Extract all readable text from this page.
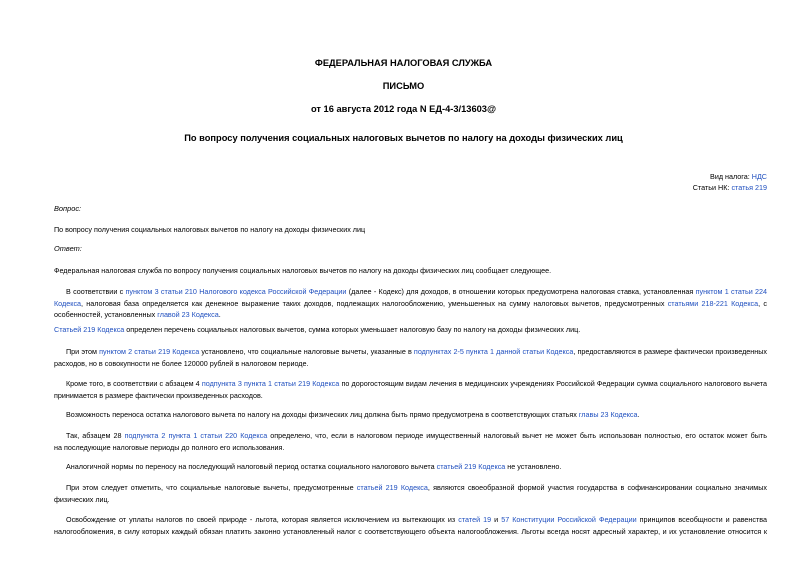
ФЕДЕРАЛЬНАЯ НАЛОГОВАЯ СЛУЖБА
ПИСЬМО
от 16 августа 2012 года N ЕД-4-3/13603@
По вопросу получения социальных налоговых вычетов по налогу на доходы физических лиц
Вид налога: НДС
Статьи НК: статья 219
Вопрос:
По вопросу получения социальных налоговых вычетов по налогу на доходы физических лиц
Ответ:
Федеральная налоговая служба по вопросу получения социальных налоговых вычетов по налогу на доходы физических лиц сообщает следующее.
В соответствии с пунктом 3 статьи 210 Налогового кодекса Российской Федерации (далее - Кодекс) для доходов, в отношении которых предусмотрена налоговая ставка, установленная пунктом 1 статьи 224
Кодекса, налоговая база определяется как денежное выражение таких доходов, подлежащих налогообложению, уменьшенных на сумму налоговых вычетов, предусмотренных статьями 218-221 Кодекса, с
особенностей, установленных главой 23 Кодекса.
Статьей 219 Кодекса определен перечень социальных налоговых вычетов, сумма которых уменьшает налоговую базу по налогу на доходы физических лиц.
При этом пунктом 2 статьи 219 Кодекса установлено, что социальные налоговые вычеты, указанные в подпунктах 2-5 пункта 1 данной статьи Кодекса, предоставляются в размере фактически произведенных
расходов, но в совокупности не более 120000 рублей в налоговом периоде.
Кроме того, в соответствии с абзацем 4 подпункта 3 пункта 1 статьи 219 Кодекса по дорогостоящим видам лечения в медицинских учреждениях Российской Федерации сумма социального налогового вычета
принимается в размере фактически произведенных расходов.
Возможность переноса остатка налогового вычета по налогу на доходы физических лиц должна быть прямо предусмотрена в соответствующих статьях главы 23 Кодекса.
Так, абзацем 28 подпункта 2 пункта 1 статьи 220 Кодекса определено, что, если в налоговом периоде имущественный налоговый вычет не может быть использован полностью, его остаток может быть
на последующие налоговые периоды до полного его использования.
Аналогичной нормы по переносу на последующий налоговый период остатка социального налогового вычета статьей 219 Кодекса не установлено.
При этом следует отметить, что социальные налоговые вычеты, предусмотренные статьей 219 Кодекса, являются своеобразной формой участия государства в софинансировании социально значимых
физических лиц.
Освобождение от уплаты налогов по своей природе - льгота, которая является исключением из вытекающих из статей 19 и 57 Конституции Российской Федерации принципов всеобщности и равенства
налогообложения, в силу которых каждый обязан платить законно установленный налог с соответствующего объекта налогообложения. Льготы всегда носят адресный характер, и их установление относится к
